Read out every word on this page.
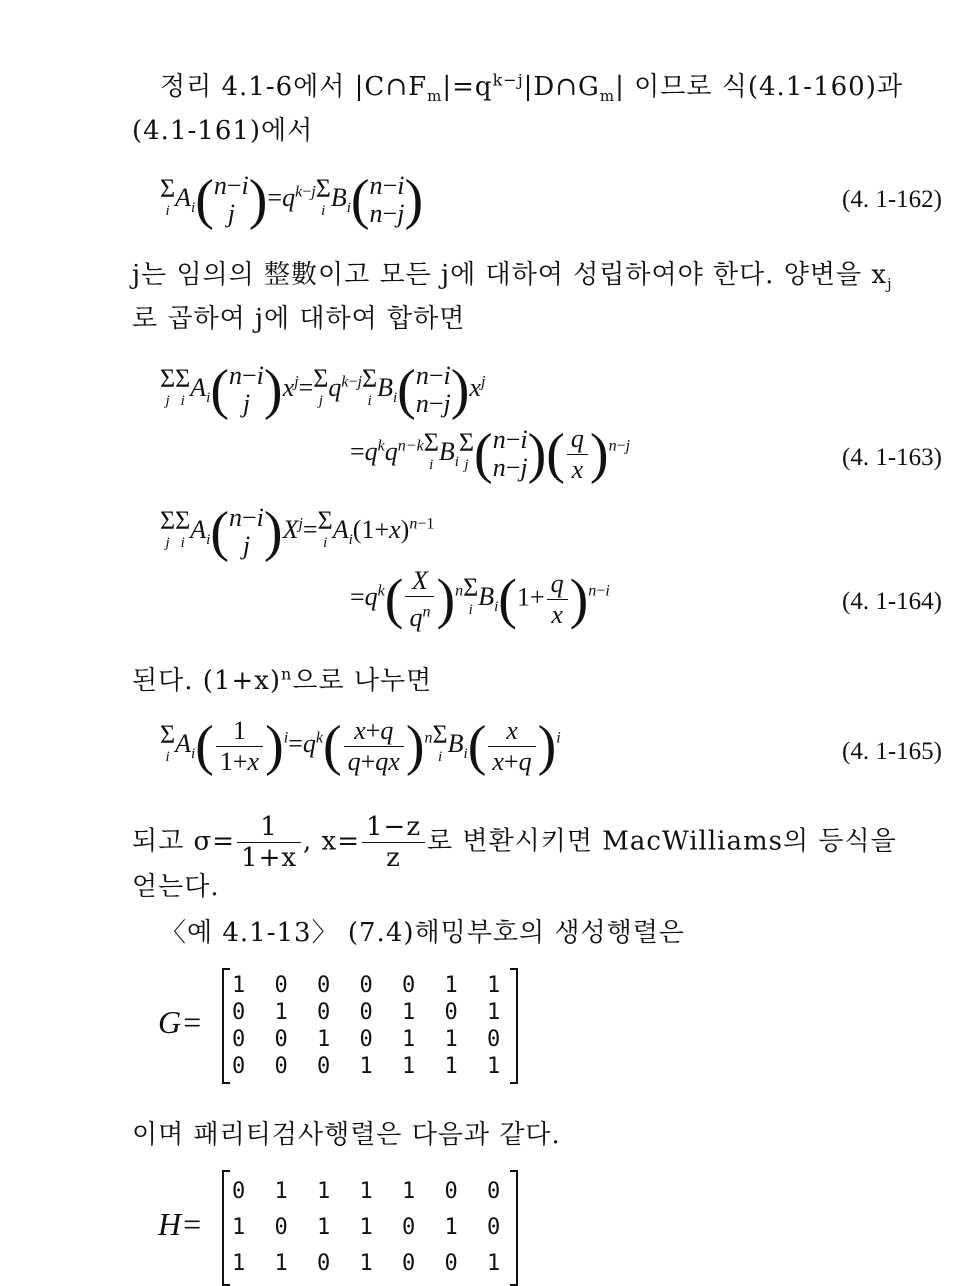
정리 4.1-6에서 $|C\cap F_m|=q^{k-j}|D\cap G_m|$ 이므로 식(4.1-160)과
(4.1-161)에서
Σ
i $A_i(n-i$
j )$=q^{k-j}$ Σ
i $B_i(n-i$
n−j)	(4. 1-162)
j는 임의의 整數이고 모든 j에 대하여 성립하여야 한다. 양변을 $x_j$
로 곱하여 j에 대하여 합하면
Σ
j
Σ
i $A_i(n-i$
j )$x^j= \Sigma$
j $q^{k-j}$ Σ
i $B_i(n-i$
$n-j)x^j$
$=q^kq^{n-k}$ Σ
i $B_i$
Σ
j (n−i
$n-j)( \frac{q}{x} )^{n-j}$	(4. 1-163)
Σ
j
Σ
i $A_i(n-i$
j )$X^j= \Sigma$
i $A_i(1+x)^{n-1}$
$=q^k( \frac{X}{q^n} )^n$ Σ
i $B_i(1+ \frac{q}{x} )^{n-i}$	(4. 1-164)
된다. $(1+x)^n$으로 나누면
Σ
i $A_i( \frac{1}{1+x} )^i=q^k( \frac{x+q}{q+qx} )^n$ Σ
i $B_i( \frac{x}{x+q} )^i$
(4. 1-165)
되고 $\sigma= \frac{1}{1+x}$ , $x= \frac{1-z}{z}$ 로 변환시키면 MacWilliams의 등식을
얻는다.
〈예 4.1-13〉 (7.4)해밍부호의 생성행렬은
G=
1 0 0 0 0 1 1
0 1 0 0 1 0 1
0 0 1 0 1 1 0
0 0 0 1 1 1 1
이며 패리티검사행렬은 다음과 같다.
H=
0 1 1 1 1 0 0
1 0 1 1 0 1 0
1 1 0 1 0 0 1
